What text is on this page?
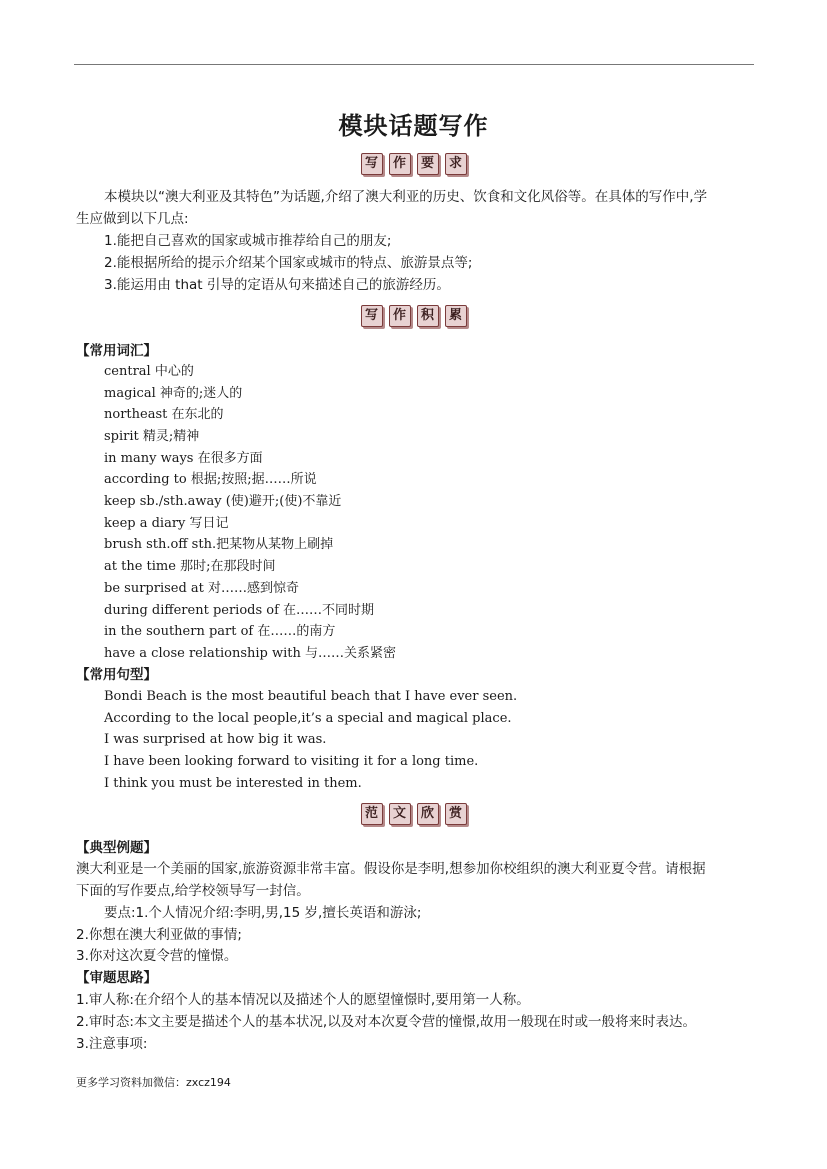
模块话题写作
写 作 要 求
本模块以“澳大利亚及其特色”为话题,介绍了澳大利亚的历史、饮食和文化风俗等。在具体的写作中,学
生应做到以下几点:
1.能把自己喜欢的国家或城市推荐给自己的朋友;
2.能根据所给的提示介绍某个国家或城市的特点、旅游景点等;
3.能运用由 that 引导的定语从句来描述自己的旅游经历。
写 作 积 累
【常用词汇】
central 中心的
magical 神奇的;迷人的
northeast 在东北的
spirit 精灵;精神
in many ways 在很多方面
according to 根据;按照;据……所说
keep sb./sth.away (使)避开;(使)不靠近
keep a diary 写日记
brush sth.off sth.把某物从某物上刷掉
at the time 那时;在那段时间
be surprised at 对……感到惊奇
during different periods of 在……不同时期
in the southern part of 在……的南方
have a close relationship with 与……关系紧密
【常用句型】
Bondi Beach is the most beautiful beach that I have ever seen.
According to the local people,it’s a special and magical place.
I was surprised at how big it was.
I have been looking forward to visiting it for a long time.
I think you must be interested in them.
范 文 欣 赏
【典型例题】
澳大利亚是一个美丽的国家,旅游资源非常丰富。假设你是李明,想参加你校组织的澳大利亚夏令营。请根据
下面的写作要点,给学校领导写一封信。
要点:1.个人情况介绍:李明,男,15 岁,擅长英语和游泳;
2.你想在澳大利亚做的事情;
3.你对这次夏令营的憧憬。
【审题思路】
1.审人称:在介绍个人的基本情况以及描述个人的愿望憧憬时,要用第一人称。
2.审时态:本文主要是描述个人的基本状况,以及对本次夏令营的憧憬,故用一般现在时或一般将来时表达。
3.注意事项:
更多学习资料加微信：zxcz194
